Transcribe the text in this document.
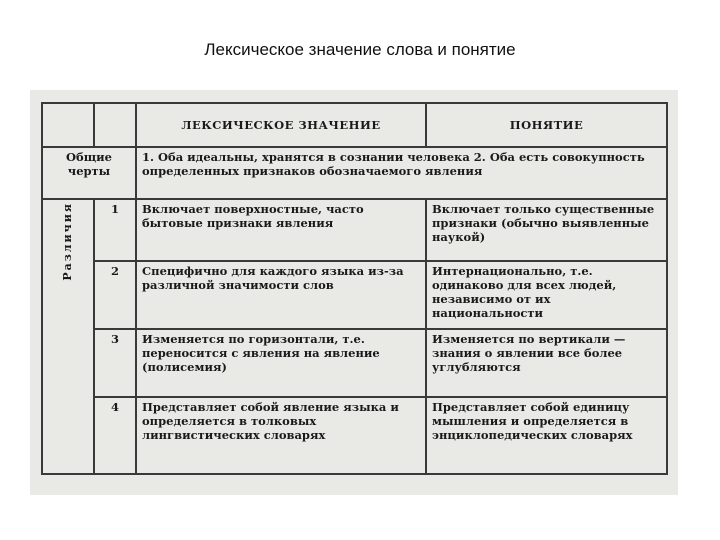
Лексическое значение слова и понятие
		ЛЕКСИЧЕСКОЕ ЗНАЧЕНИЕ	ПОНЯТИЕ
Общие черты		1. Оба идеальны, хранятся в сознании человека 2. Оба есть совокупность определенных признаков обозначаемого явления	

Различия	1	Включает поверхностные, часто бытовые признаки явления	Включает только существенные признаки (обычно выявленные наукой)
	2	Специфично для каждого языка из-за различной значимости слов	Интернационально, т.е. одинаково для всех людей, независимо от их национальности
	3	Изменяется по горизонтали, т.е. переносится с явления на явление (полисемия)	Изменяется по вертикали — знания о явлении все более углубляются
	4	Представляет собой явление языка и определяется в толковых лингвистических словарях	Представляет собой единицу мышления и определяется в энциклопедических словарях
